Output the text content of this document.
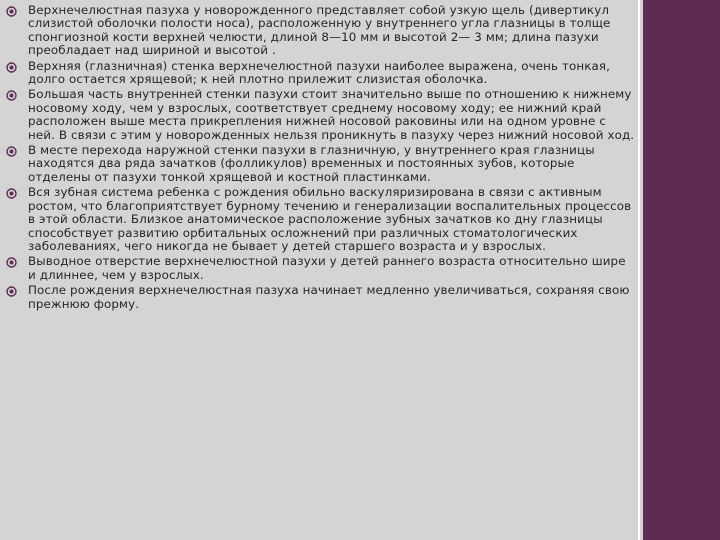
Верхнечелюстная пазуха у новорожденного представляет собой узкую щель (дивертикул слизистой оболочки полости носа), расположенную у внутреннего угла глазницы в толще спонгиозной кости верхней челюсти, длиной 8—10 мм и высотой 2— 3 мм; длина пазухи преобладает над шириной и высотой .
Верхняя (глазничная) стенка верхнечелюстной пазухи наиболее выражена, очень тонкая, долго остается хрящевой; к ней плотно прилежит слизистая оболочка.
Большая часть внутренней стенки пазухи стоит значительно выше по отношению к нижнему носовому ходу, чем у взрослых, соответствует среднему носовому ходу; ее нижний край расположен выше места прикрепления нижней носовой раковины или на одном уровне с ней. В связи с этим у новорожденных нельзя проникнуть в пазуху через нижний носовой ход.
В месте перехода наружной стенки пазухи в глазничную, у внутреннего края глазницы находятся два ряда зачатков (фолликулов) временных и постоянных зубов, которые отделены от пазухи тонкой хрящевой и костной пластинками.
Вся зубная система ребенка с рождения обильно васкуляризирована в связи с активным ростом, что благоприятствует бурному течению и генерализации воспалительных процессов в этой области. Близкое анатомическое расположение зубных зачатков ко дну глазницы способствует развитию орбитальных осложнений при различных стоматологических заболеваниях, чего никогда не бывает у детей старшего возраста и у взрослых.
Выводное отверстие верхнечелюстной пазухи у детей раннего возраста относительно шире и длиннее, чем у взрослых.
После рождения верхнечелюстная пазуха начинает медленно увеличиваться, сохраняя свою прежнюю форму.
